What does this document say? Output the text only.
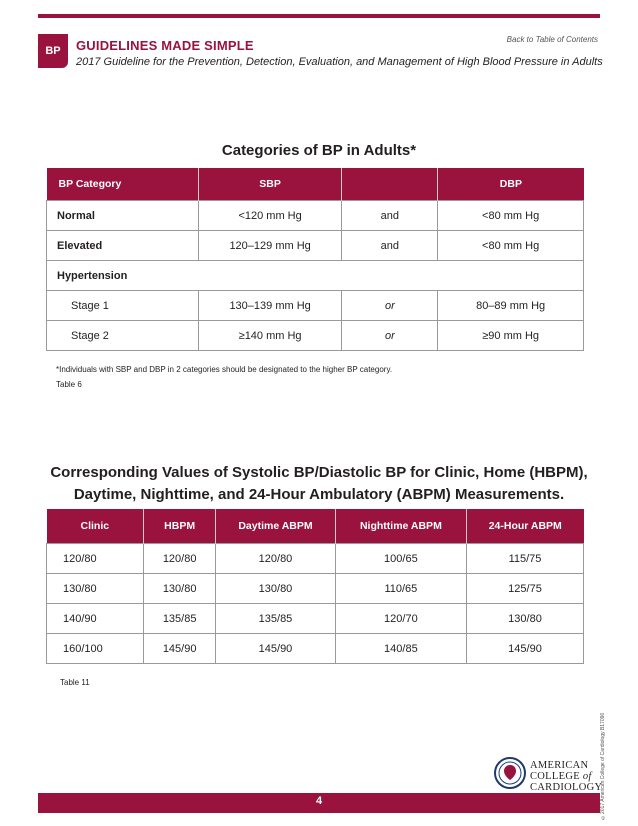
BP GUIDELINES MADE SIMPLE
2017 Guideline for the Prevention, Detection, Evaluation, and Management of High Blood Pressure in Adults
Back to Table of Contents
Categories of BP in Adults*
BP Category	SBP		DBP
Normal	<120 mm Hg	and	<80 mm Hg
Elevated	120–129 mm Hg	and	<80 mm Hg
Hypertension			
Stage 1	130–139 mm Hg	or	80–89 mm Hg
Stage 2	≥140 mm Hg	or	≥90 mm Hg
*Individuals with SBP and DBP in 2 categories should be designated to the higher BP category.
Table 6
Corresponding Values of Systolic BP/Diastolic BP for Clinic, Home (HBPM),
Daytime, Nighttime, and 24-Hour Ambulatory (ABPM) Measurements.
Clinic	HBPM	Daytime ABPM	Nighttime ABPM	24-Hour ABPM
120/80	120/80	120/80	100/65	115/75
130/80	130/80	130/80	110/65	125/75
140/90	135/85	135/85	120/70	130/80
160/100	145/90	145/90	140/85	145/90
Table 11
©2017 American College of Cardiology B17096
AMERICAN
COLLEGE of
CARDIOLOGY
4
